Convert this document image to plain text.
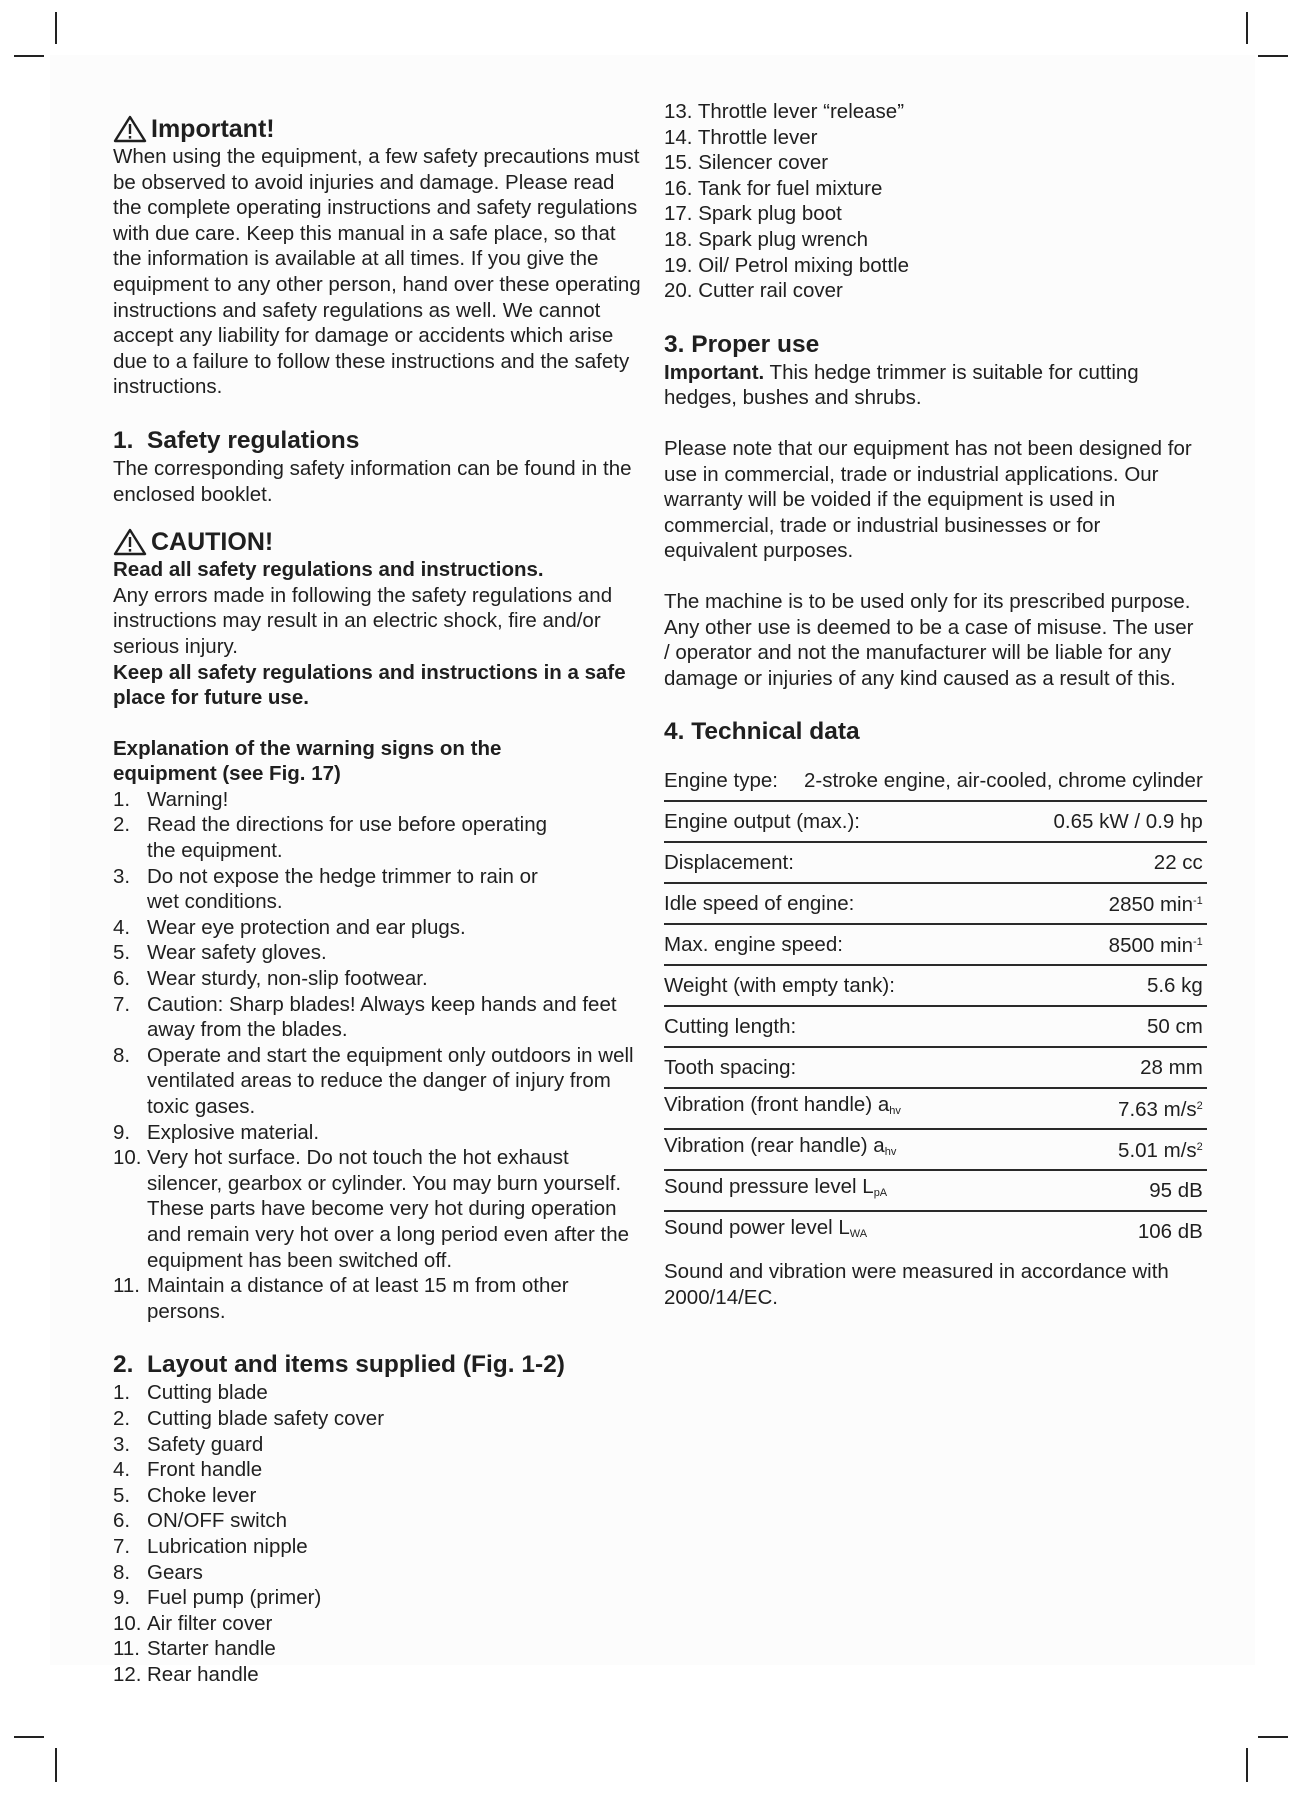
Important!

When using the equipment, a few safety precautions must be observed to avoid injuries and damage. Please read the complete operating instructions and safety regulations with due care. Keep this manual in a safe place, so that the information is available at all times. If you give the equipment to any other person, hand over these operating instructions and safety regulations as well. We cannot accept any liability for damage or accidents which arise due to a failure to follow these instructions and the safety instructions.

1. Safety regulations

The corresponding safety information can be found in the enclosed booklet.

CAUTION!

Read all safety regulations and instructions.

Any errors made in following the safety regulations and instructions may result in an electric shock, fire and/or serious injury.

Keep all safety regulations and instructions in a safe place for future use.

Explanation of the warning signs on the equipment (see Fig. 17)

1. Warning!
2. Read the directions for use before operating the equipment.
3. Do not expose the hedge trimmer to rain or wet conditions.
4. Wear eye protection and ear plugs.
5. Wear safety gloves.
6. Wear sturdy, non-slip footwear.
7. Caution: Sharp blades! Always keep hands and feet away from the blades.
8. Operate and start the equipment only outdoors in well ventilated areas to reduce the danger of injury from toxic gases.
9. Explosive material.
10. Very hot surface. Do not touch the hot exhaust silencer, gearbox or cylinder. You may burn yourself. These parts have become very hot during operation and remain very hot over a long period even after the equipment has been switched off.
11. Maintain a distance of at least 15 m from other persons.
2. Layout and items supplied (Fig. 1-2)
1. Cutting blade
2. Cutting blade safety cover
3. Safety guard
4. Front handle
5. Choke lever
6. ON/OFF switch
7. Lubrication nipple
8. Gears
9. Fuel pump (primer)
10. Air filter cover
11. Starter handle
12. Rear handle
13. Throttle lever “release”
14. Throttle lever
15. Silencer cover
16. Tank for fuel mixture
17. Spark plug boot
18. Spark plug wrench
19. Oil/ Petrol mixing bottle
20. Cutter rail cover
3. Proper use

Important. This hedge trimmer is suitable for cutting hedges, bushes and shrubs.

Please note that our equipment has not been designed for use in commercial, trade or industrial applications. Our warranty will be voided if the equipment is used in commercial, trade or industrial businesses or for equivalent purposes.

The machine is to be used only for its prescribed purpose. Any other use is deemed to be a case of misuse. The user / operator and not the manufacturer will be liable for any damage or injuries of any kind caused as a result of this.

4. Technical data
Engine type: 2-stroke engine, air-cooled, chrome cylinder	
Engine output (max.):	0.65 kW / 0.9 hp
Displacement:	22 cc
Idle speed of engine:	2850 $\min^{-1}$
Max. engine speed:	8500 $\min^{-1}$
Weight (with empty tank):	5.6 kg
Cutting length:	50 cm
Tooth spacing:	28 mm
Vibration (front handle) $a_{hv}$	7.63 $m/s^2$
Vibration (rear handle) $a_{hv}$	5.01 $m/s^2$
Sound pressure level $L_{pA}$	95 dB
Sound power level $L_{WA}$	106 dB

Sound and vibration were measured in accordance with 2000/14/EC.
